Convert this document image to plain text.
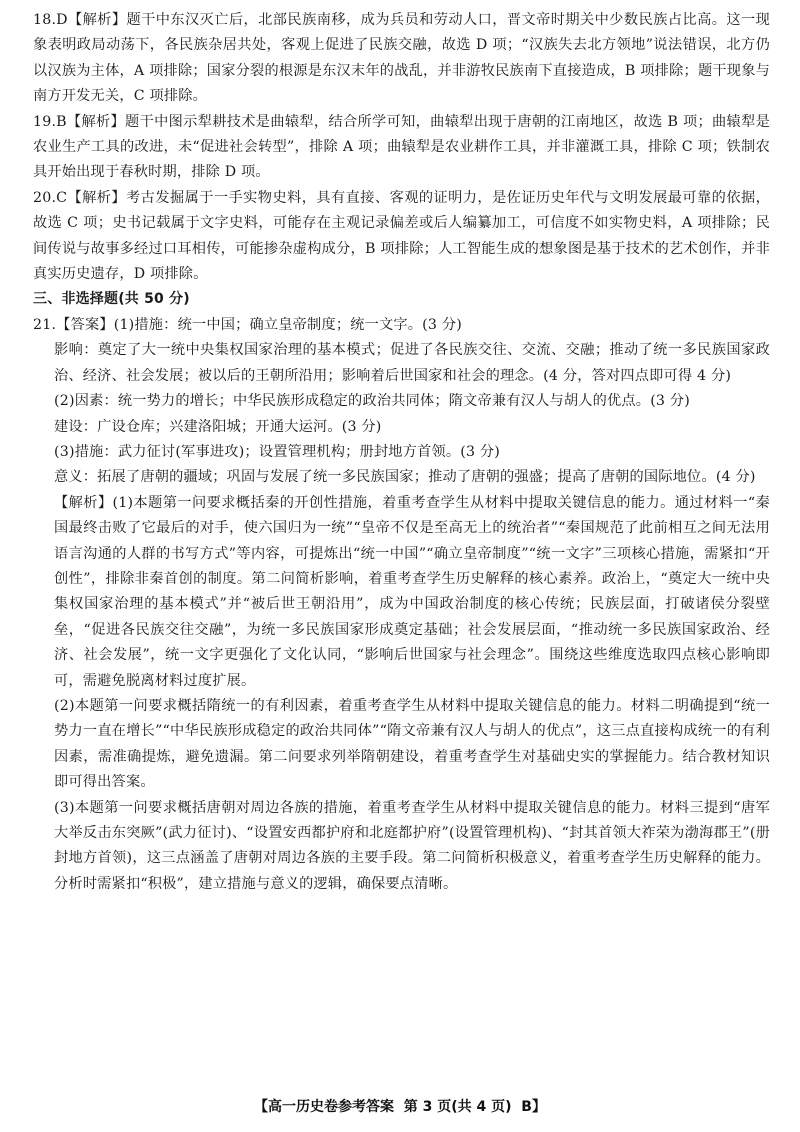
18.D【解析】题干中东汉灭亡后，北部民族南移，成为兵员和劳动人口，晋文帝时期关中少数民族占比高。这一现象表明政局动荡下，各民族杂居共处，客观上促进了民族交融，故选 D 项；“汉族失去北方领地”说法错误，北方仍以汉族为主体，A 项排除；国家分裂的根源是东汉末年的战乱，并非游牧民族南下直接造成，B 项排除；题干现象与南方开发无关，C 项排除。

19.B【解析】题干中图示犁耕技术是曲辕犁，结合所学可知，曲辕犁出现于唐朝的江南地区，故选 B 项；曲辕犁是农业生产工具的改进，未“促进社会转型”，排除 A 项；曲辕犁是农业耕作工具，并非灌溉工具，排除 C 项；铁制农具开始出现于春秋时期，排除 D 项。

20.C【解析】考古发掘属于一手实物史料，具有直接、客观的证明力，是佐证历史年代与文明发展最可靠的依据，故选 C 项；史书记载属于文字史料，可能存在主观记录偏差或后人编纂加工，可信度不如实物史料，A 项排除；民间传说与故事多经过口耳相传，可能掺杂虚构成分，B 项排除；人工智能生成的想象图是基于技术的艺术创作，并非真实历史遗存，D 项排除。

三、非选择题(共 50 分)

21.【答案】(1)措施：统一中国；确立皇帝制度；统一文字。(3 分)

影响：奠定了大一统中央集权国家治理的基本模式；促进了各民族交往、交流、交融；推动了统一多民族国家政治、经济、社会发展；被以后的王朝所沿用；影响着后世国家和社会的理念。(4 分，答对四点即可得 4 分)

(2)因素：统一势力的增长；中华民族形成稳定的政治共同体；隋文帝兼有汉人与胡人的优点。(3 分)

建设：广设仓库；兴建洛阳城；开通大运河。(3 分)

(3)措施：武力征讨(军事进攻)；设置管理机构；册封地方首领。(3 分)

意义：拓展了唐朝的疆域；巩固与发展了统一多民族国家；推动了唐朝的强盛；提高了唐朝的国际地位。(4 分)

【解析】(1)本题第一问要求概括秦的开创性措施，着重考查学生从材料中提取关键信息的能力。通过材料一“秦国最终击败了它最后的对手，使六国归为一统”“皇帝不仅是至高无上的统治者”“秦国规范了此前相互之间无法用语言沟通的人群的书写方式”等内容，可提炼出“统一中国”“确立皇帝制度”“统一文字”三项核心措施，需紧扣“开创性”，排除非秦首创的制度。第二问简析影响，着重考查学生历史解释的核心素养。政治上，“奠定大一统中央集权国家治理的基本模式”并“被后世王朝沿用”，成为中国政治制度的核心传统；民族层面，打破诸侯分裂壁垒，“促进各民族交往交融”，为统一多民族国家形成奠定基础；社会发展层面，“推动统一多民族国家政治、经济、社会发展”，统一文字更强化了文化认同，“影响后世国家与社会理念”。围绕这些维度选取四点核心影响即可，需避免脱离材料过度扩展。

(2)本题第一问要求概括隋统一的有利因素，着重考查学生从材料中提取关键信息的能力。材料二明确提到“统一势力一直在增长”“中华民族形成稳定的政治共同体”“隋文帝兼有汉人与胡人的优点”，这三点直接构成统一的有利因素，需准确提炼，避免遗漏。第二问要求列举隋朝建设，着重考查学生对基础史实的掌握能力。结合教材知识即可得出答案。

(3)本题第一问要求概括唐朝对周边各族的措施，着重考查学生从材料中提取关键信息的能力。材料三提到“唐军大举反击东突厥”(武力征讨)、“设置安西都护府和北庭都护府”(设置管理机构)、“封其首领大祚荣为渤海郡王”(册封地方首领)，这三点涵盖了唐朝对周边各族的主要手段。第二问简析积极意义，着重考查学生历史解释的能力。分析时需紧扣“积极”，建立措施与意义的逻辑，确保要点清晰。

【高一历史卷参考答案 第 3 页(共 4 页) B】
